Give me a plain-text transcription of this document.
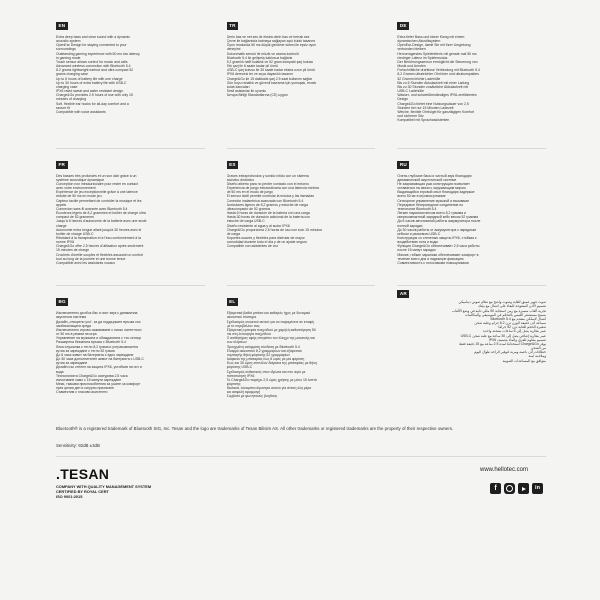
EN
Extra deep bass and clear sound with a dynamic
acoustic system
OpenEar Design for staying connected to your
surroundings
Outstanding gaming experience with 50 ms low latency
in gaming mode
Touch sensor allows control for music and calls
Advanced wireless connection with Bluetooth 5.4
8.2 grams lightweight earbud and ultra compact 52
grams charging case
Up to 6 hours of battery life with one charge
Up to 30 hours of extra battery life with USB-C
charging case
IPX6 rated sweat and water resistant design
Charge&Go provides 2.5 hours of use with only 15
minutes of charging
Soft, flexible ear hooks for all-day comfort and a
secure fit
Compatible with voice assistants
TR
Derin bas ve net ses ile ekstra derin bas ve berrak ses
Çevre ile bağlantıda kalmaya sağlayan açık kulak tasarımı
Oyun modunda 50 ms düşük gecikme süresi ile eşsiz oyun
deneyimi
Dokunmatik sensör ile müzik ve arama kontrolü
Bluetooth 5.4 ile gelişmiş kablosuz bağlantı
8,2 gramlık hafif kulaklık ve 52 gram kompakt şarj kutusu
Tek şarj ile 6 saate kadar pil ömrü
USB-C şarj kutusu ile 30 saate kadar ekstra uzun pil ömrü
IPX6 derecesi ter ve suya dayanıklı tasarım
Charge&Go ile 15 dakikalık şarj 2.5 saat kullanım sağlar
Gün boyu rahatlık ve güvenli kavrama için yumuşak, esnek
kulak kancaları
Sesli asistanlar ile uyumlu
Avrupa Birliği Standartlarına (CE) uygun
DE
Extra tiefer Bass und klarer Klang mit einem
dynamischen Akustiksystem
OpenEar-Design, damit Sie mit Ihrer Umgebung
verbunden bleiben
Hervorragendes Spielerlebnis mit gerade mal 50 ms
niedriger Latenz im Spielemodus
Der Berührungssensor ermöglicht die Steuerung von
Musik und Anrufen
Fortschrittliche drahtlose Verbindung mit Bluetooth 5.4
8,2 Gramm ultraleichter Ohrhörer und ultrakompaktes
52 Gramm leichte Ladehülle
Bis zu 6 Stunden Akkulaufzeit mit einer Ladung
Bis zu 30 Stunden zusätzliche Akkulaufzeit mit
USB-C Ladehülle
Wasser- und schweißbeständiges IPX6-zertifiziertes
Design
Charge&Go bietet eine Nutzungsdauer von 2,5
Stunden bei nur 15 Minuten Ladezeit
Weiche, flexible Ohrbügel für ganztägigen Komfort
und sicheren Sitz
Kompatibel mit Sprachassistenten
FR
Des basses très profondes et un son clair grâce à un
système acoustique dynamique
Conception non intraauriculaire pour rester en contact
avec votre environnement
Expérience de jeu exceptionnelle grâce à une latence
réduite de 50 ms en mode jeu
Capteur tactile permettant de contrôler la musique et les
appels
Connexion sans fil avancée avec Bluetooth 5.4
Écouteurs légers de 8,2 grammes et boîtier de charge ultra
compact de 52 grammes
Jusqu'à 6 heures d'autonomie de la batterie avec une seule
charge
Autonomie extra longue allant jusqu'à 30 heures avec le
boîtier de charge USB-C
Résistant à la transpiration et à l'eau conformément à la
norme IPX6
Charge&Go offre 2,5 heures d'utilisation après seulement
15 minutes de charge
Crochets d'oreille souples et flexibles assurant un confort
tout au long de la journée et une bonne tenue
Compatible avec les assistants vocaux
ES
Graves extraprofundos y sonido nítido con un sistema
acústico dinámico
Diseño abierto para no perder contacto con el entorno
Experiencia de juego extraordinaria con una latencia mínima
de 50 ms en el modo de juego
El sensor táctil permite controlar la música y las llamadas
Conexión inalámbrica avanzada con Bluetooth 5.4
Auriculares ligeros de 8,2 gramos y estuche de carga
ultracompacto de 52 gramos
Hasta 6 horas de duración de la batería con una carga
Hasta 30 horas de duración adicional de la batería con
estuche de carga USB-C
Diseño resistente al agua y al sudor IPX6
Charge&Go proporciona 2,5 horas de uso con solo 15 minutos
de carga
Soportes suaves y flexibles para disfrutar de mayor
comodidad durante todo el día y de un ajuste seguro
Compatible con asistentes de voz
RU
Очень глубокие басы и чистый звук благодаря
динамической акустической системе
Не закрывающая уши конструкция позволяет
оставаться на связи с окружающим миром
Выдающийся игровой опыт благодаря задержке
всего 50 мс в игровом режиме
Сенсорное управление музыкой и вызовами
Передовое беспроводное соединение по
технологии Bluetooth 5.4
Легкие наушники весом всего 8,2 грамма и
сверхкомпактный зарядный кейс весом 52 грамма
До 6 часов автономной работы аккумулятора после
полной зарядки
До 30 часов работы от аккумулятора с зарядным
кейсом и разъемом USB-C
Конструкция со степенью защиты IPX6, стойкая к
воздействию пота и воды
Функция Charge&Go обеспечивает 2,5 часа работы
после 15 минут зарядки
Мягкие, гибкие заушники обеспечивают комфорт в
течение всего дня и надежную фиксацию
Совместимость с голосовыми помощниками
BG
Изключително дълбок бас и чист звук с динамична
акустична система
Дизайн „отворено ухо“, за да поддържате връзка със
заобикалящата среда
Изключително игрово изживяване с ниско латентност
от 50 ms в режим на игра
Управление на музиката и обажданията с тъч сензор
Разширена безжична връзка с Bluetooth 5.4
Лека слушалка с тегло 8,2 грама и ултракомпактна
кутия за зареждане с тегло 52 грама
До 6 часа живот на батерията с едно зареждане
До 30 часа допълнителен живот на батерията с USB-C
кутия за зареждане
Дизайн със степен на защита IPX6, устойчив на пот и
вода
Технологията Charge&Go осигурява 2,5 часа
използване само с 15 минути зареждане
Меки, гъвкави приспособления за ушите за комфорт
през целия ден и сигурно прилягане
Съвместим с гласови асистенти
EL
Εξαιρετικά βαθιά μπάσα και καθαρός ήχος με δυναμικό
ακουστικό σύστημα
Σχεδιασμός ανοικτού αυτιού για να παραμένετε σε επαφή
με το περιβάλλον σας
Εξαιρετική εμπειρία παιχνιδιού με χαμηλή καθυστέρηση 50
ms στη λειτουργία παιχνιδιού
Ο αισθητήρας αφής επιτρέπει τον έλεγχο της μουσικής και
των κλήσεων
Προηγμένη ασύρματη σύνδεση με Bluetooth 5.4
Ελαφρύ ακουστικό 8,2 γραμμαρίων και εξαιρετικά
συμπαγής θήκη φόρτισης 52 γραμμαρίων
Διάρκεια της μπαταρίας έως 6 ώρες με μία φόρτιση
Έως και 30 ώρες επιπλέον διάρκεια της μπαταρίας με θήκη
φόρτισης USB-C
Σχεδιασμός ανθεκτικός στον ιδρώτα και στο νερό με
πιστοποίηση IPX6
Το Charge&Go παρέχει 2,5 ώρες χρήσης με μόνο 15 λεπτά
φόρτισης
Μαλακά, εύκαμπτα άγκιστρα αυτιού για άνεση όλη μέρα
και ασφαλή εφαρμογή
Συμβατό με φωνητικούς βοηθούς
AR
صوت جهير عميق للغاية وصوت واضح مع نظام صوتي ديناميكي
تصميم الأذن المفتوحة للبقاء على اتصال مع بيئتك
تجربة ألعاب متميزة مع زمن استجابة 50 مللي ثانية في وضع الألعاب
يسمح مستشعر اللمس بالتحكم في الموسيقى والمكالمات
اتصال لاسلكي متقدم مع Bluetooth 5.4
سماعة أذن خفيفة الوزن تزن 8.2 جرام وعلبة شحن
صغيرة الحجم للغاية تزن 52 جرامًا
عمر بطارية يصل إلى 6 ساعات بشحنة واحدة
عمر بطارية إضافي يصل إلى 30 ساعة مع علبة شحن USB-C
تصميم مقاوم للعرق والماء بتصنيف IPX6
يوفر Charge&Go استخدامًا لمدة 2.5 ساعة مع 15 دقيقة فقط
من الشحن
خطافات أذن ناعمة ومرنة لتوفير الراحة طوال اليوم
وملاءمة آمنة
متوافق مع المساعدات الصوتية
Bluetooth® is a registered trademark of Bluetooth SIG, Inc. Tesan and the logo are trademarks of Tesan Bilisim AS. All other trademarks or registered trademarks are the property of their respective owners.
Sensitivity: 92dB ±3dB
.TESAN
COMPANY WITH QUALITY MANAGEMENT SYSTEM
CERTIFIED BY ROYAL CERT
ISO 9001:2015
www.hellotec.com
f	in
